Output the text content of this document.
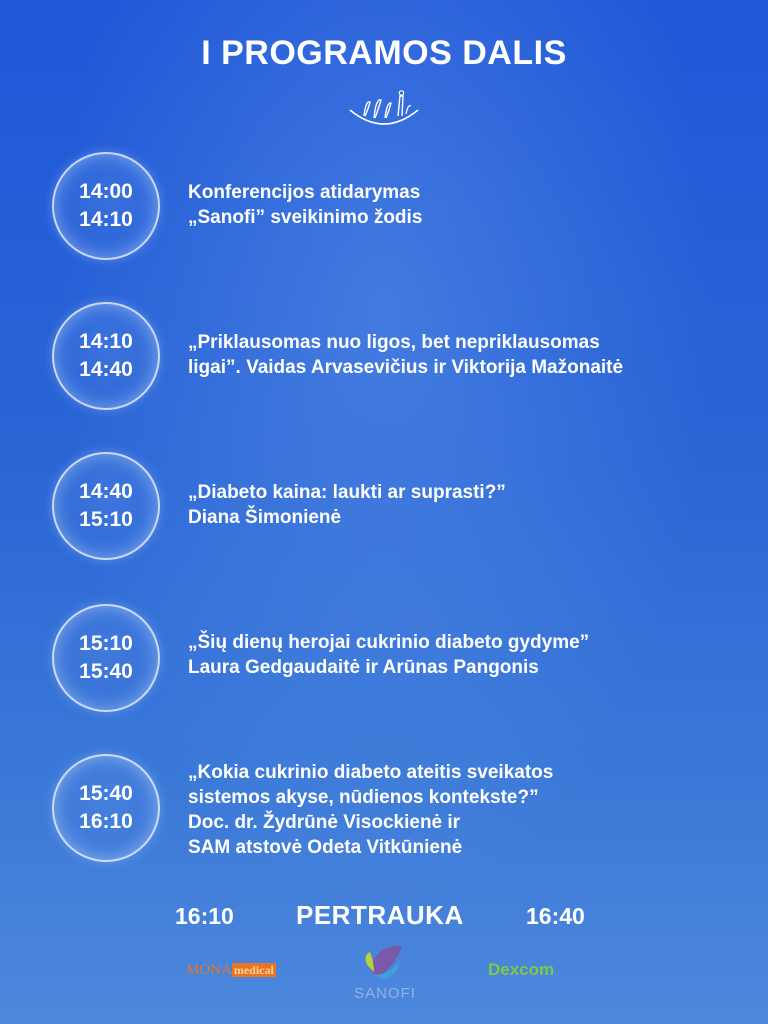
I PROGRAMOS DALIS
14:00
14:10
Konferencijos atidarymas
„Sanofi” sveikinimo žodis
14:10
14:40
„Priklausomas nuo ligos, bet nepriklausomas
ligai”. Vaidas Arvasevičius ir Viktorija Mažonaitė
14:40
15:10
„Diabeto kaina: laukti ar suprasti?”
Diana Šimonienė
15:10
15:40
„Šių dienų herojai cukrinio diabeto gydyme”
Laura Gedgaudaitė ir Arūnas Pangonis
15:40
16:10
„Kokia cukrinio diabeto ateitis sveikatos
sistemos akyse, nūdienos kontekste?”
Doc. dr. Žydrūnė Visockienė ir
SAM atstovė Odeta Vitkūnienė
16:10 PERTRAUKA	16:40
MONA medical
SANOFI
Dexcom
